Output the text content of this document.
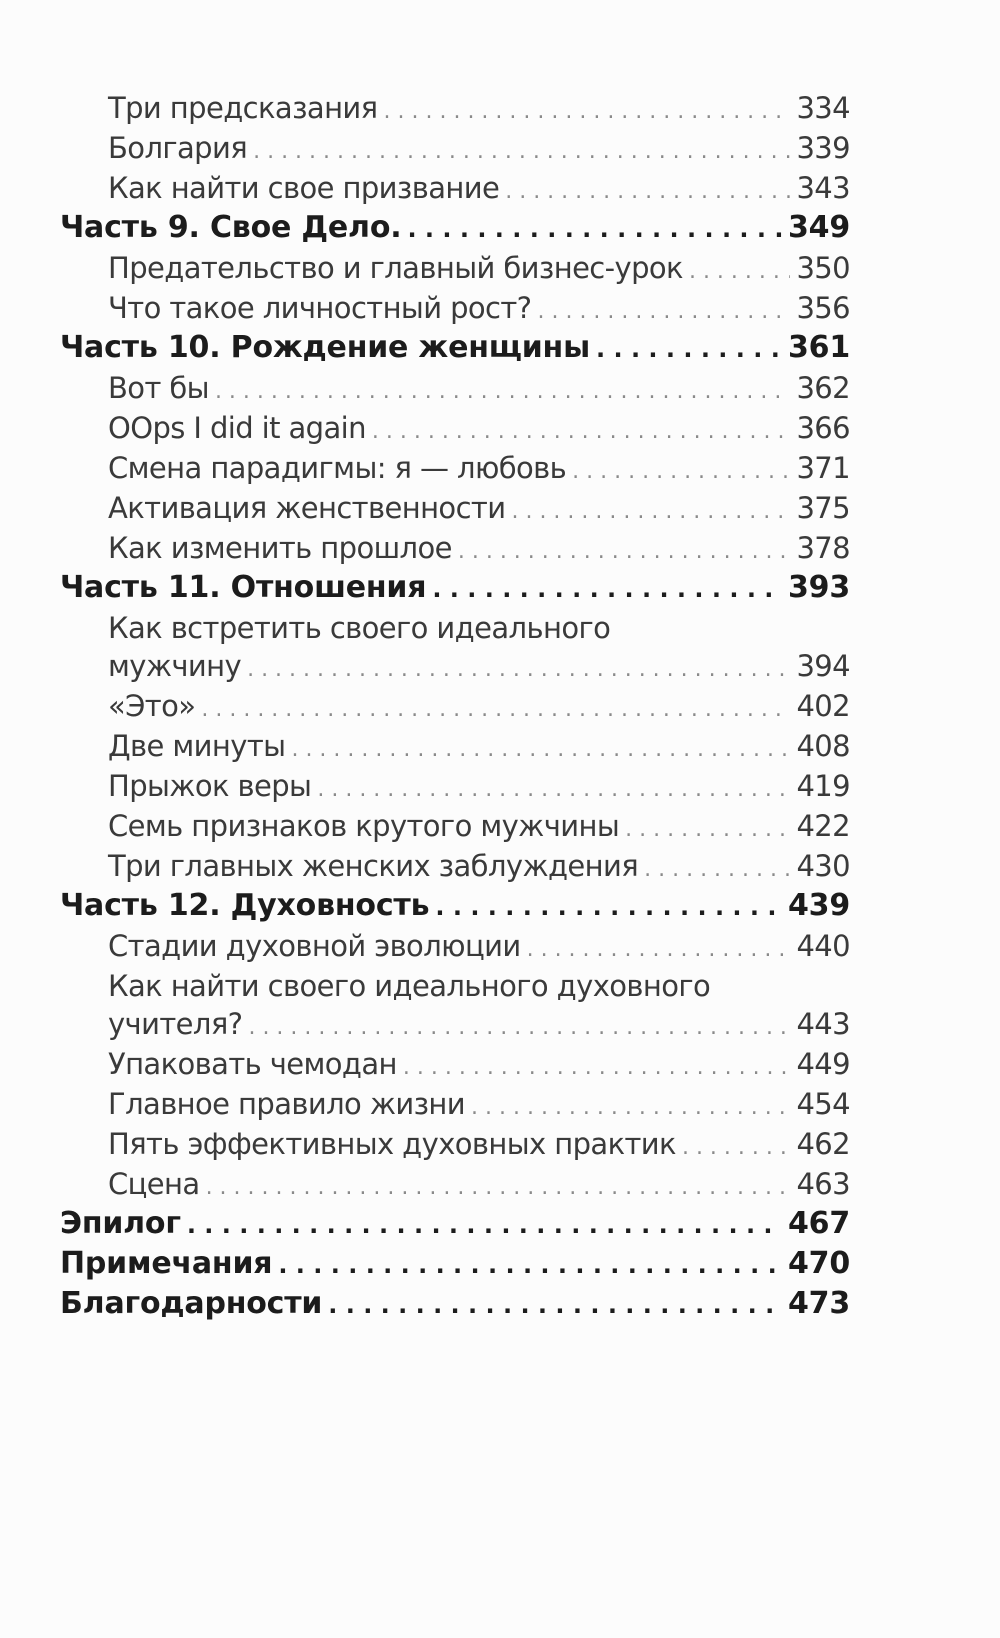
Три предсказания . . .	334
Болгария . . .	339
Как найти свое призвание . . .	343
Часть 9. Свое Дело. . . .	349
Предательство и главный бизнес-урок . . .	350
Что такое личностный рост? . . .	356
Часть 10. Рождение женщины . . .	361
Вот бы . . .	362
OOps I did it again . . .	366
Смена парадигмы: я — любовь . . .	371
Активация женственности . . .	375
Как изменить прошлое . . .	378
Часть 11. Отношения . . .	393
Как встретить своего идеального
мужчину . . .	394
«Это» . . .	402
Две минуты . . .	408
Прыжок веры . . .	419
Семь признаков крутого мужчины . . .	422
Три главных женских заблуждения . . .	430
Часть 12. Духовность . . .	439
Стадии духовной эволюции . . .	440
Как найти своего идеального духовного
учителя? . . .	443
Упаковать чемодан . . .	449
Главное правило жизни . . .	454
Пять эффективных духовных практик . . .	462
Сцена . . .	463
Эпилог . . .	467
Примечания . . .	470
Благодарности . . .	473
